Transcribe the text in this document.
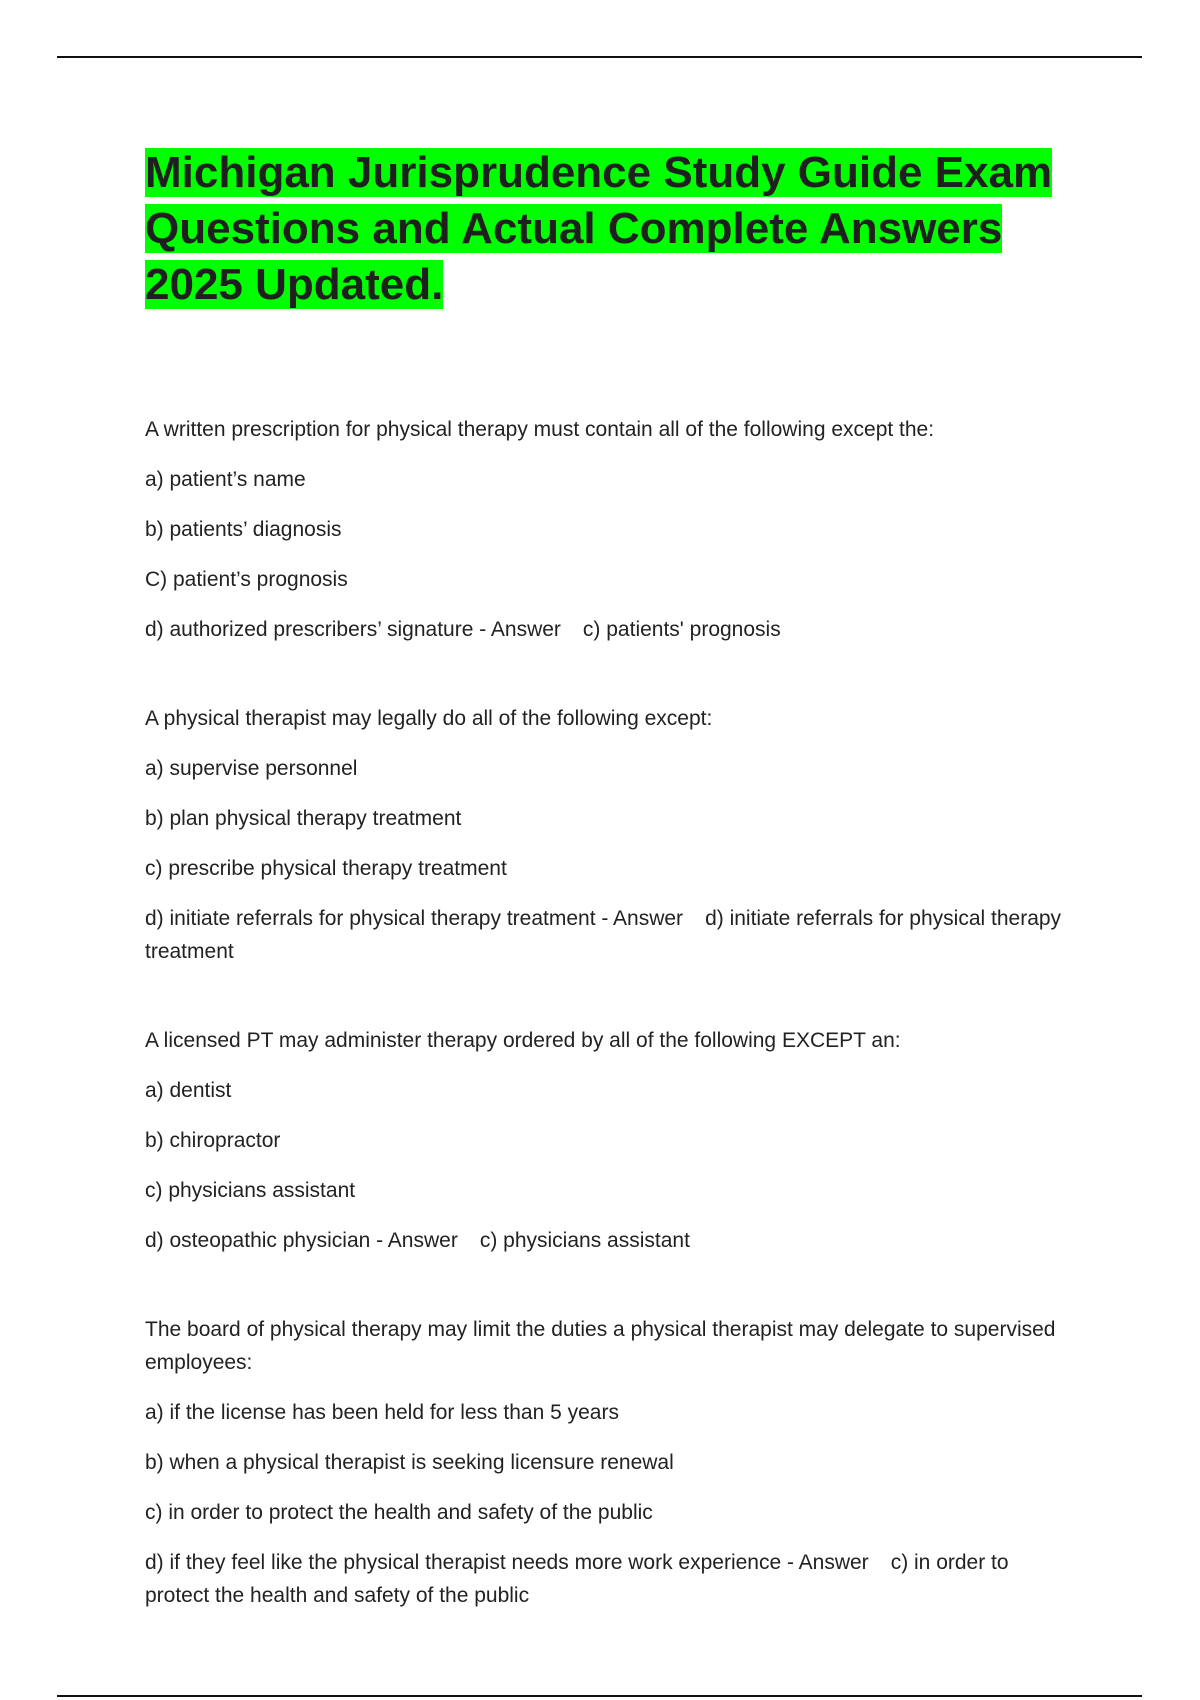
Michigan Jurisprudence Study Guide Exam Questions and Actual Complete Answers 2025 Updated.

A written prescription for physical therapy must contain all of the following except the:

a) patient’s name

b) patients’ diagnosis

C) patient’s prognosis

d) authorized prescribers’ signature - Answer c) patients' prognosis

A physical therapist may legally do all of the following except:

a) supervise personnel

b) plan physical therapy treatment

c) prescribe physical therapy treatment

d) initiate referrals for physical therapy treatment - Answer d) initiate referrals for physical therapy treatment

A licensed PT may administer therapy ordered by all of the following EXCEPT an:

a) dentist

b) chiropractor

c) physicians assistant

d) osteopathic physician - Answer c) physicians assistant

The board of physical therapy may limit the duties a physical therapist may delegate to supervised employees:

a) if the license has been held for less than 5 years

b) when a physical therapist is seeking licensure renewal

c) in order to protect the health and safety of the public

d) if they feel like the physical therapist needs more work experience - Answer c) in order to protect the health and safety of the public
